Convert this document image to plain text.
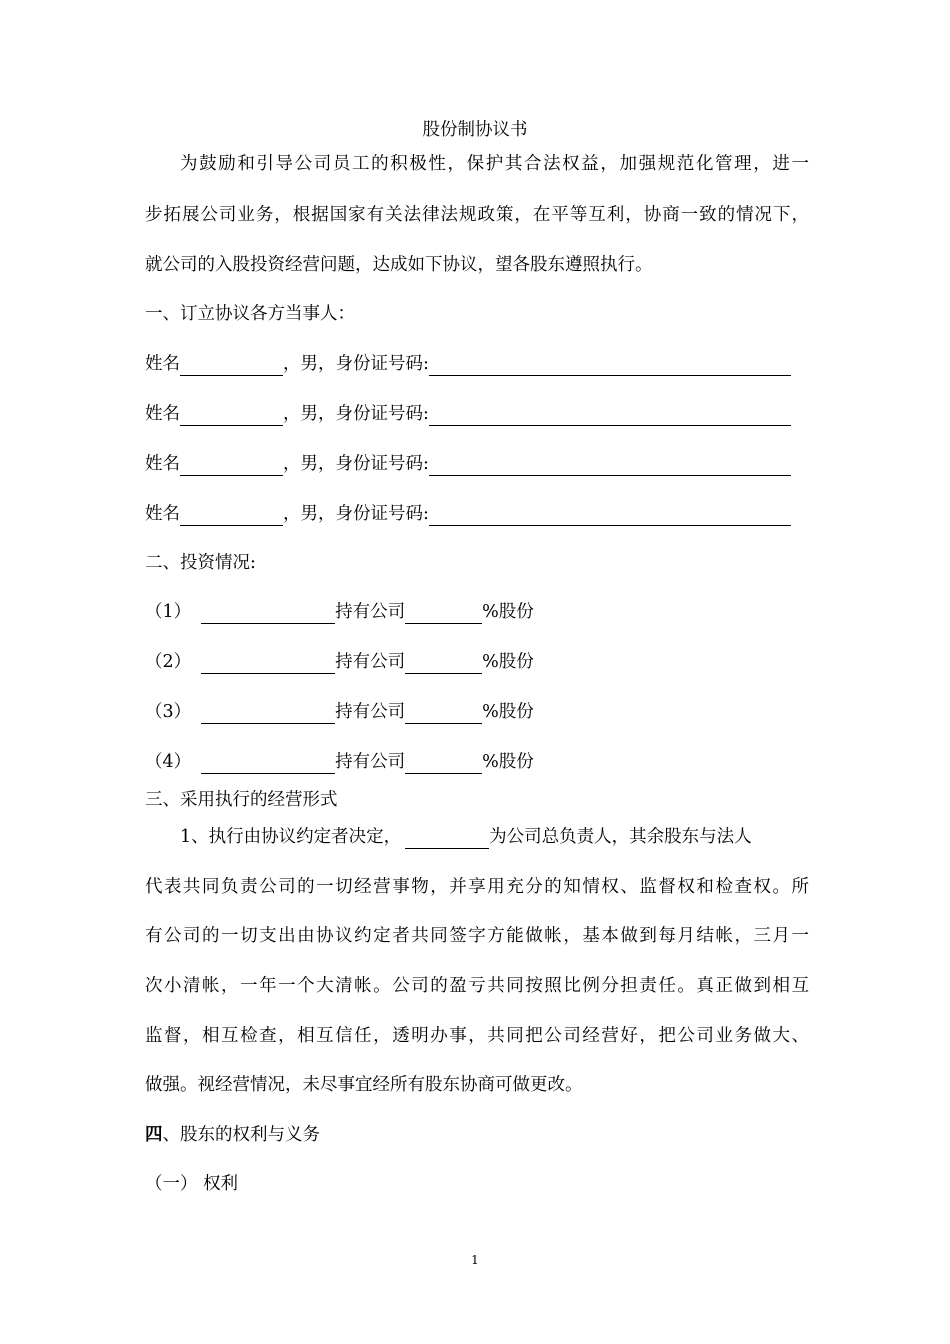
股份制协议书
为鼓励和引导公司员工的积极性，保护其合法权益，加强规范化管理，进一
步拓展公司业务，根据国家有关法律法规政策，在平等互利，协商一致的情况下，
就公司的入股投资经营问题，达成如下协议，望各股东遵照执行。
一、订立协议各方当事人：
姓名	，男，身份证号码:
姓名	，男，身份证号码:
姓名	，男，身份证号码:
姓名	，男，身份证号码:
二、投资情况:
（1）	持有公司	%股份
（2）	持有公司	%股份
（3）	持有公司	%股份
（4）	持有公司	%股份
三、采用执行的经营形式
1、执行由协议约定者决定，	为公司总负责人，其余股东与法人
代表共同负责公司的一切经营事物，并享用充分的知情权、监督权和检查权。所
有公司的一切支出由协议约定者共同签字方能做帐，基本做到每月结帐，三月一
次小清帐，一年一个大清帐。公司的盈亏共同按照比例分担责任。真正做到相互
监督，相互检查，相互信任，透明办事，共同把公司经营好，把公司业务做大、
做强。视经营情况，未尽事宜经所有股东协商可做更改。
四、股东的权利与义务
（一） 权利
1
